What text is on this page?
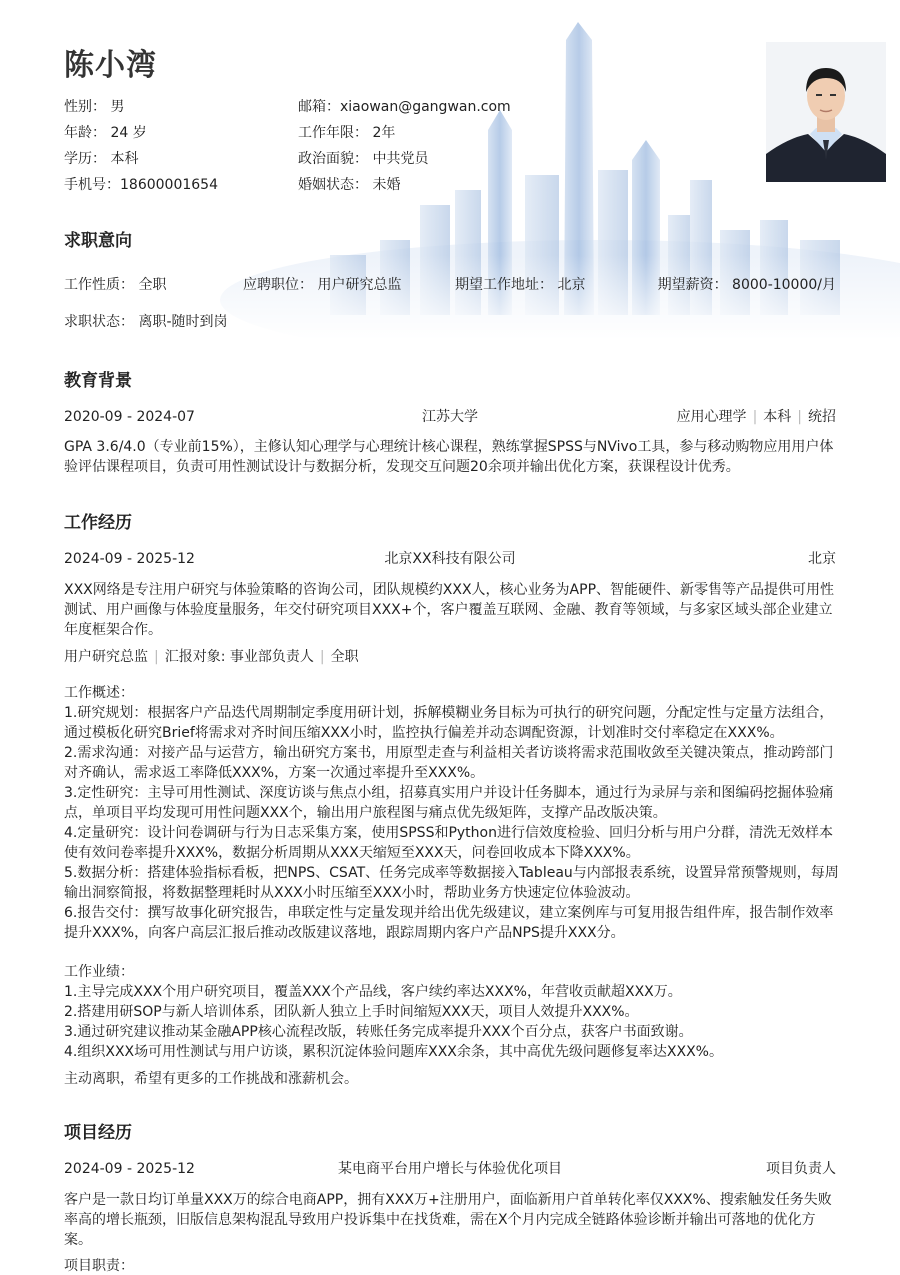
陈小湾
性别： 男	邮箱：xiaowan@gangwan.com
年龄： 24 岁	工作年限： 2年
学历： 本科	政治面貌： 中共党员
手机号：18600001654	婚姻状态： 未婚
求职意向
工作性质： 全职	应聘职位： 用户研究总监	期望工作地址： 北京	期望薪资： 8000-10000/月
求职状态： 离职-随时到岗
教育背景
2020-09 - 2024-07	江苏大学	应用心理学 | 本科 | 统招
GPA 3.6/4.0（专业前15%），主修认知心理学与心理统计核心课程，熟练掌握SPSS与NVivo工具，参与移动购物应用用户体
验评估课程项目，负责可用性测试设计与数据分析，发现交互问题20余项并输出优化方案，获课程设计优秀。
工作经历
2024-09 - 2025-12	北京XX科技有限公司	北京
XXX网络是专注用户研究与体验策略的咨询公司，团队规模约XXX人，核心业务为APP、智能硬件、新零售等产品提供可用性
测试、用户画像与体验度量服务，年交付研究项目XXX+个，客户覆盖互联网、金融、教育等领域，与多家区域头部企业建立
年度框架合作。
用户研究总监 | 汇报对象: 事业部负责人 | 全职
工作概述：
1.研究规划：根据客户产品迭代周期制定季度用研计划，拆解模糊业务目标为可执行的研究问题，分配定性与定量方法组合，
通过模板化研究Brief将需求对齐时间压缩XXX小时，监控执行偏差并动态调配资源，计划准时交付率稳定在XXX%。
2.需求沟通：对接产品与运营方，输出研究方案书，用原型走查与利益相关者访谈将需求范围收敛至关键决策点，推动跨部门
对齐确认，需求返工率降低XXX%，方案一次通过率提升至XXX%。
3.定性研究：主导可用性测试、深度访谈与焦点小组，招募真实用户并设计任务脚本，通过行为录屏与亲和图编码挖掘体验痛
点，单项目平均发现可用性问题XXX个，输出用户旅程图与痛点优先级矩阵，支撑产品改版决策。
4.定量研究：设计问卷调研与行为日志采集方案，使用SPSS和Python进行信效度检验、回归分析与用户分群，清洗无效样本
使有效问卷率提升XXX%，数据分析周期从XXX天缩短至XXX天，问卷回收成本下降XXX%。
5.数据分析：搭建体验指标看板，把NPS、CSAT、任务完成率等数据接入Tableau与内部报表系统，设置异常预警规则，每周
输出洞察简报，将数据整理耗时从XXX小时压缩至XXX小时，帮助业务方快速定位体验波动。
6.报告交付：撰写故事化研究报告，串联定性与定量发现并给出优先级建议，建立案例库与可复用报告组件库，报告制作效率
提升XXX%，向客户高层汇报后推动改版建议落地，跟踪周期内客户产品NPS提升XXX分。
工作业绩：
1.主导完成XXX个用户研究项目，覆盖XXX个产品线，客户续约率达XXX%，年营收贡献超XXX万。
2.搭建用研SOP与新人培训体系，团队新人独立上手时间缩短XXX天，项目人效提升XXX%。
3.通过研究建议推动某金融APP核心流程改版，转账任务完成率提升XXX个百分点，获客户书面致谢。
4.组织XXX场可用性测试与用户访谈，累积沉淀体验问题库XXX余条，其中高优先级问题修复率达XXX%。
主动离职，希望有更多的工作挑战和涨薪机会。
项目经历
2024-09 - 2025-12	某电商平台用户增长与体验优化项目	项目负责人
客户是一款日均订单量XXX万的综合电商APP，拥有XXX万+注册用户，面临新用户首单转化率仅XXX%、搜索触发任务失败
率高的增长瓶颈，旧版信息架构混乱导致用户投诉集中在找货难，需在X个月内完成全链路体验诊断并输出可落地的优化方
案。
项目职责：
